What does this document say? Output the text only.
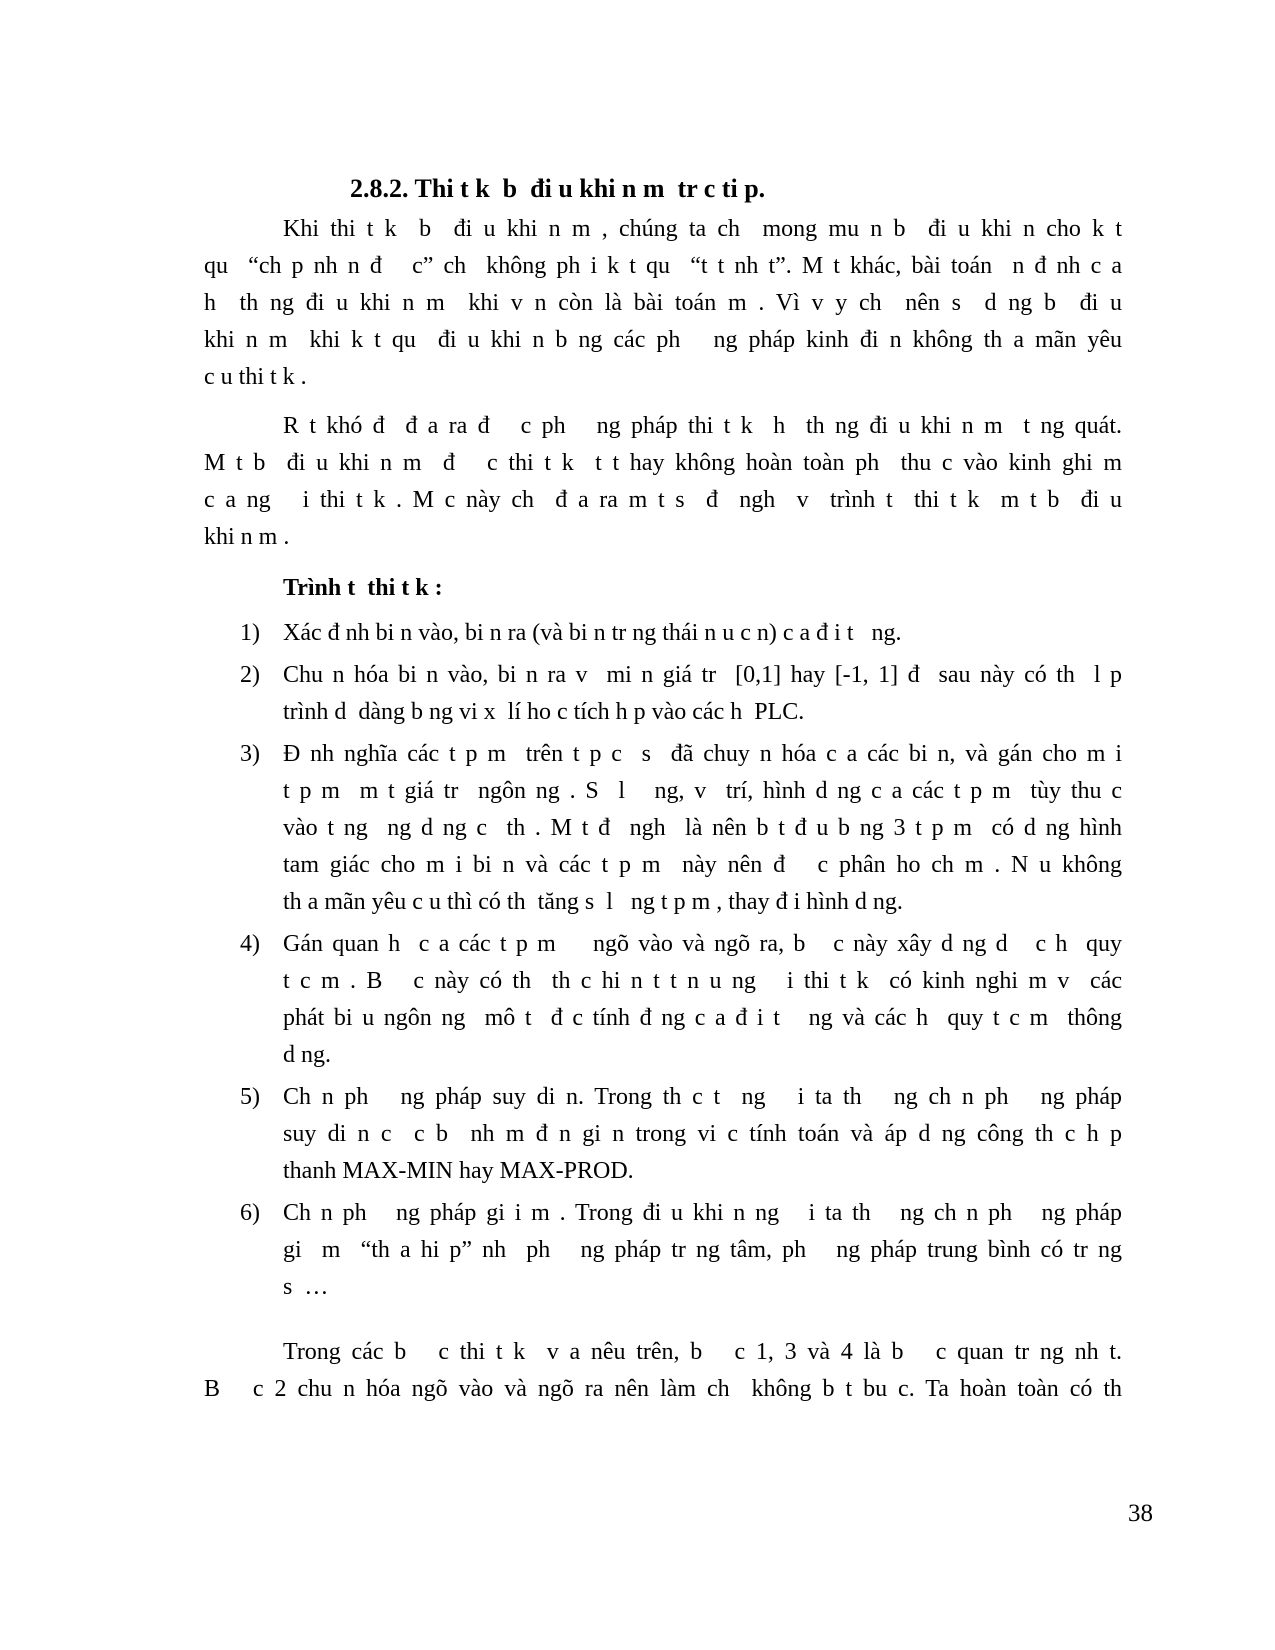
2.8.2. Thi t k  b  đi u khi n m  tr c ti p.
Khi thi t k  b  đi u khi n m , chúng ta ch  mong mu n b  đi u khi n cho k t
qu  “ch p nh n đ   c” ch  không ph i k t qu  “t t nh t”. M t khác, bài toán  n đ nh c a
h  th ng đi u khi n m  khi v n còn là bài toán m . Vì v y ch  nên s  d ng b  đi u
khi n m  khi k t qu  đi u khi n b ng các ph   ng pháp kinh đi n không th a mãn yêu
c u thi t k .
R t khó đ  đ a ra đ   c ph   ng pháp thi t k  h  th ng đi u khi n m  t ng quát.
M t b  đi u khi n m  đ   c thi t k  t t hay không hoàn toàn ph  thu c vào kinh ghi m
c a ng   i thi t k . M c này ch  đ a ra m t s  đ  ngh  v  trình t  thi t k  m t b  đi u
khi n m .
Trình t  thi t k :
1) Xác đ nh bi n vào, bi n ra (và bi n tr ng thái n u c n) c a đ i t   ng.
2) Chu n hóa bi n vào, bi n ra v  mi n giá tr  [0,1] hay [-1, 1] đ  sau này có th  l p
trình d  dàng b ng vi x  lí ho c tích h p vào các h  PLC.
3) Đ nh nghĩa các t p m  trên t p c  s  đã chuy n hóa c a các bi n, và gán cho m i
t p m  m t giá tr  ngôn ng . S  l   ng, v  trí, hình d ng c a các t p m  tùy thu c
vào t ng  ng d ng c  th . M t đ  ngh  là nên b t đ u b ng 3 t p m  có d ng hình
tam giác cho m i bi n và các t p m  này nên đ   c phân ho ch m . N u không
th a mãn yêu c u thì có th  tăng s  l   ng t p m , thay đ i hình d ng.
4) Gán quan h  c a các t p m    ngõ vào và ngõ ra, b   c này xây d ng d   c h  quy
t c m . B   c này có th  th c hi n t t n u ng   i thi t k  có kinh nghi m v  các
phát bi u ngôn ng  mô t  đ c tính đ ng c a đ i t   ng và các h  quy t c m  thông
d ng.
5) Ch n ph   ng pháp suy di n. Trong th c t  ng   i ta th   ng ch n ph   ng pháp
suy di n c  c b  nh m đ n gi n trong vi c tính toán và áp d ng công th c h p
thanh MAX-MIN hay MAX-PROD.
6) Ch n ph   ng pháp gi i m . Trong đi u khi n ng   i ta th   ng ch n ph   ng pháp
gi  m  “th a hi p” nh  ph   ng pháp tr ng tâm, ph   ng pháp trung bình có tr ng
s  …
Trong các b   c thi t k  v a nêu trên, b   c 1, 3 và 4 là b   c quan tr ng nh t.
B   c 2 chu n hóa ngõ vào và ngõ ra nên làm ch  không b t bu c. Ta hoàn toàn có th
38
